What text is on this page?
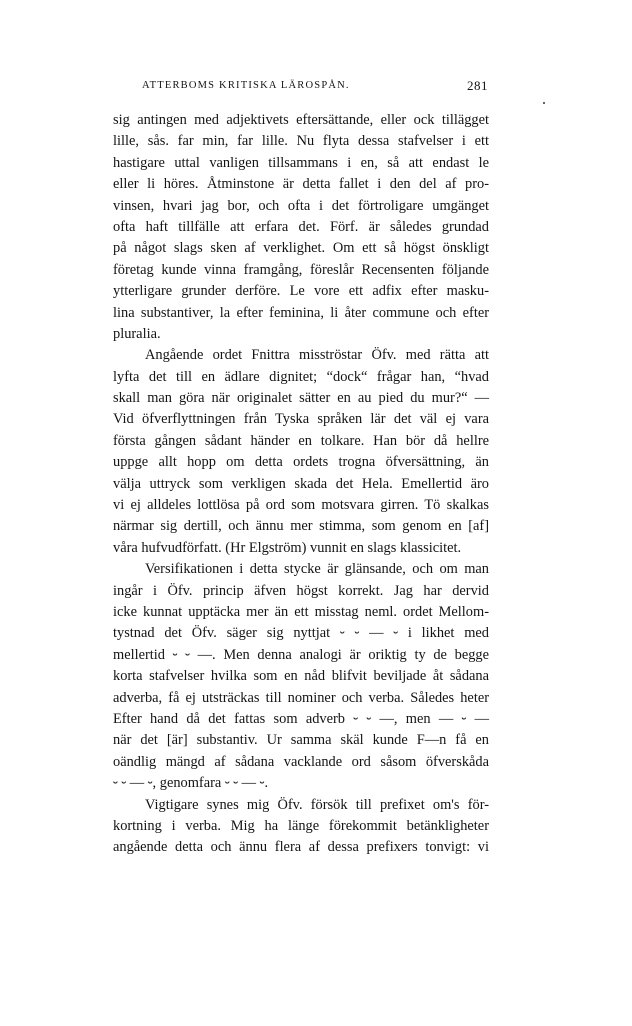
ATTERBOMS KRITISKA LÄROSPÅN.	281
sig antingen med adjektivets eftersättande, eller ock tillägget
lille, sås. far min, far lille. Nu flyta dessa stafvelser i ett
hastigare uttal vanligen tillsammans i en, så att endast le
eller li höres. Åtminstone är detta fallet i den del af pro-
vinsen, hvari jag bor, och ofta i det förtroligare umgänget
ofta haft tillfälle att erfara det. Förf. är således grundad
på något slags sken af verklighet. Om ett så högst önskligt
företag kunde vinna framgång, föreslår Recensenten följande
ytterligare grunder derföre. Le vore ett adfix efter masku-
lina substantiver, la efter feminina, li åter commune och efter
pluralia.
Angående ordet Fnittra misströstar Öfv. med rätta att
lyfta det till en ädlare dignitet; “dock“ frågar han, “hvad
skall man göra när originalet sätter en au pied du mur?“ —
Vid öfverflyttningen från Tyska språken lär det väl ej vara
första gången sådant händer en tolkare. Han bör då hellre
uppge allt hopp om detta ordets trogna öfversättning, än
välja uttryck som verkligen skada det Hela. Emellertid äro
vi ej alldeles lottlösa på ord som motsvara girren. Tö skalkas
närmar sig dertill, och ännu mer stimma, som genom en [af]
våra hufvudförfatt. (Hr Elgström) vunnit en slags klassicitet.
Versifikationen i detta stycke är glänsande, och om man
ingår i Öfv. princip äfven högst korrekt. Jag har dervid
icke kunnat upptäcka mer än ett misstag neml. ordet Mellom-
tystnad det Öfv. säger sig nyttjat ⏑ ⏑ — ⏑ i likhet med
mellertid ⏑ ⏑ —. Men denna analogi är oriktig ty de begge
korta stafvelser hvilka som en nåd blifvit beviljade åt sådana
adverba, få ej utsträckas till nominer och verba. Således heter
Efter hand då det fattas som adverb ⏑ ⏑ —, men — ⏑ —
när det [är] substantiv. Ur samma skäl kunde F—n få en
oändlig mängd af sådana vacklande ord såsom öfverskåda
⏑ ⏑ — ⏑, genomfara ⏑ ⏑ — ⏑.
Vigtigare synes mig Öfv. försök till prefixet om's för-
kortning i verba. Mig ha länge förekommit betänkligheter
angående detta och ännu flera af dessa prefixers tonvigt: vi
